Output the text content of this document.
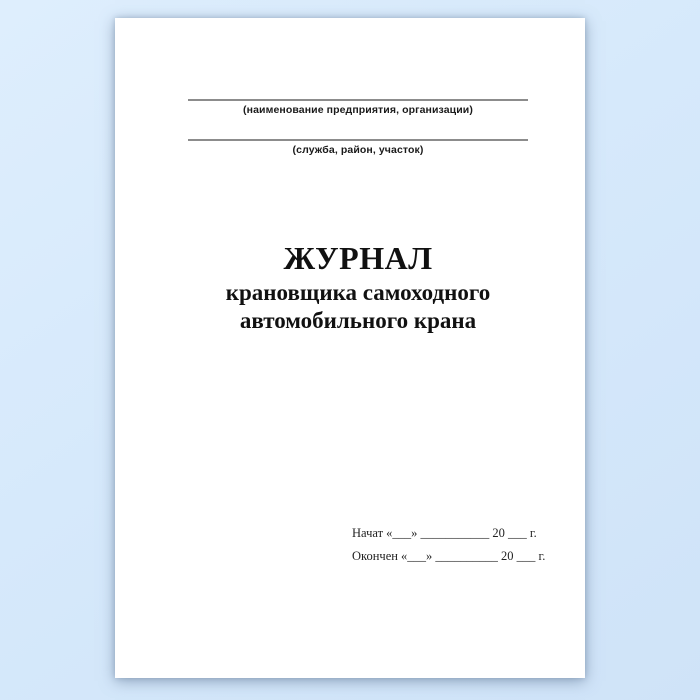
(наименование предприятия, организации)
(служба, район, участок)
ЖУРНАЛ
крановщика самоходного
автомобильного крана
Начат «___» ___________ 20 ___ г.
Окончен «___» __________ 20 ___ г.
